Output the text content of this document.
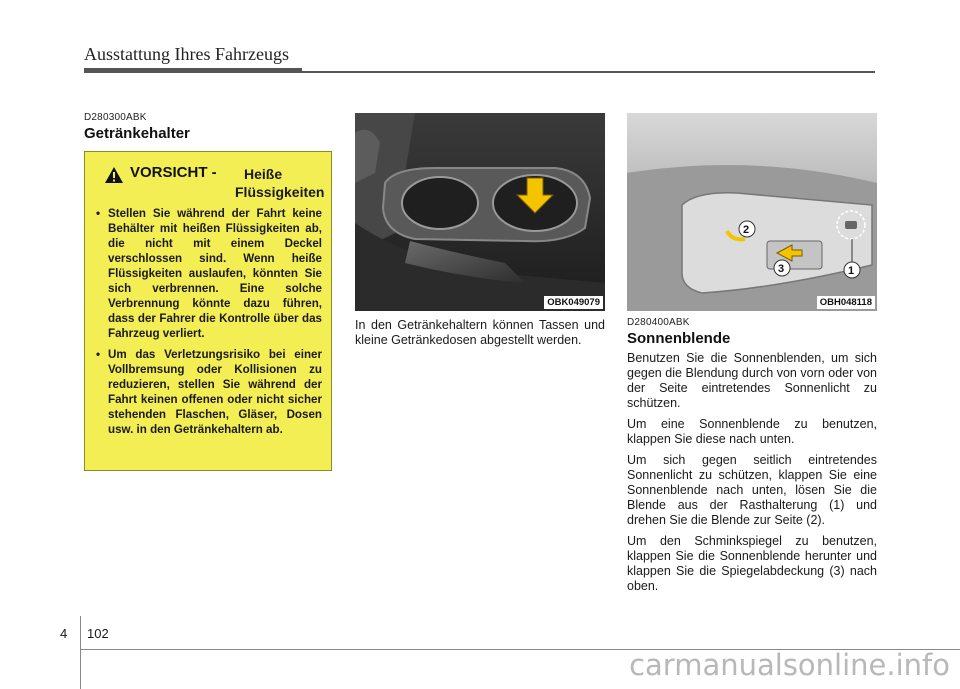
Ausstattung Ihres Fahrzeugs
D280300ABK
Getränkehalter
VORSICHT - Heiße
Flüssigkeiten
• Stellen Sie während der Fahrt keine Behälter mit heißen Flüssigkeiten ab, die nicht mit einem Deckel verschlossen sind. Wenn heiße Flüssigkeiten auslaufen, könnten Sie sich verbrennen. Eine solche Verbrennung könnte dazu führen, dass der Fahrer die Kontrolle über das Fahrzeug verliert.
• Um das Verletzungsrisiko bei einer Vollbremsung oder Kollisionen zu reduzieren, stellen Sie während der Fahrt keinen offenen oder nicht sicher stehenden Flaschen, Gläser, Dosen usw. in den Getränkehaltern ab.
OBK049079
In den Getränkehaltern können Tassen und kleine Getränkedosen abgestellt werden.
2
3	1
OBH048118
D280400ABK
Sonnenblende

Benutzen Sie die Sonnenblenden, um sich gegen die Blendung durch von vorn oder von der Seite eintretendes Sonnenlicht zu schützen.

Um eine Sonnenblende zu benutzen, klappen Sie diese nach unten.

Um sich gegen seitlich eintretendes Sonnenlicht zu schützen, klappen Sie eine Sonnenblende nach unten, lösen Sie die Blende aus der Rasthalterung (1) und drehen Sie die Blende zur Seite (2).

Um den Schminkspiegel zu benutzen, klappen Sie die Sonnenblende herunter und klappen Sie die Spiegelabdeckung (3) nach oben.

4 102
carmanualsonline.info
